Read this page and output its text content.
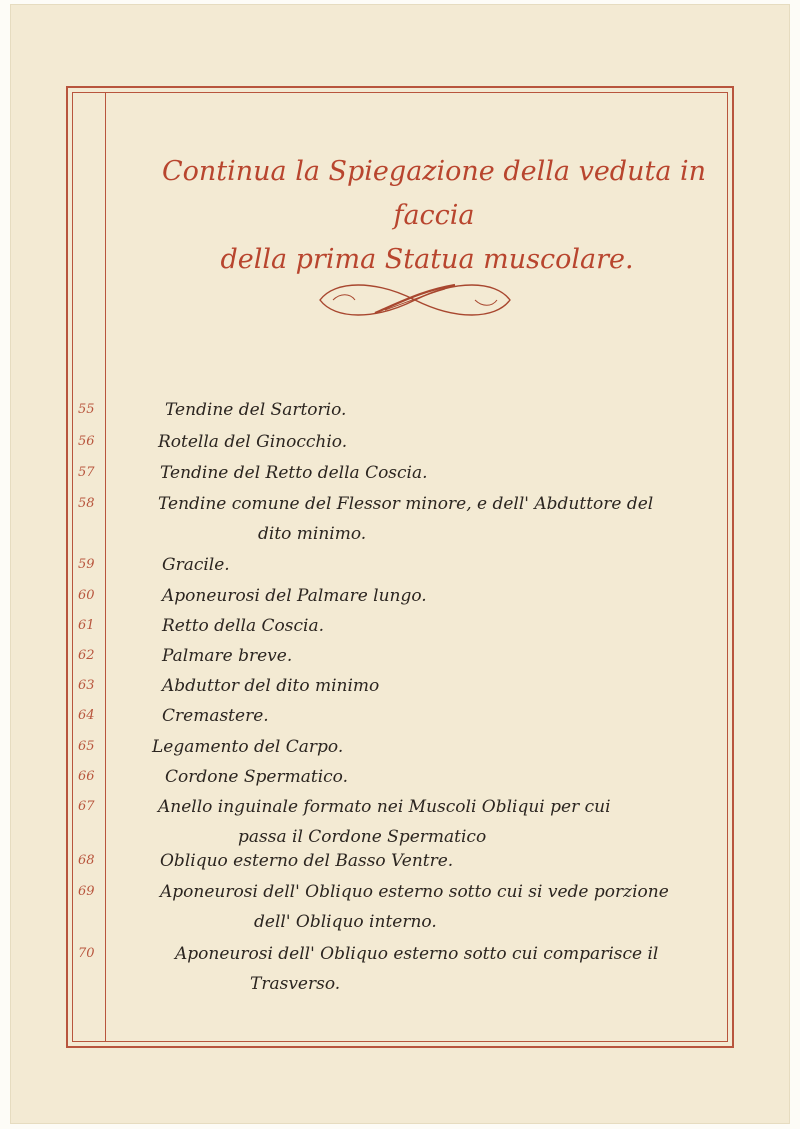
Continua la Spiegazione della veduta in faccia
della prima Statua muscolare.
55	Tendine del Sartorio.
56	Rotella del Ginocchio.
57	Tendine del Retto della Coscia.
58	Tendine comune del Flessor minore, e dell' Abduttore del
dito minimo.
59	Gracile.
60	Aponeurosi del Palmare lungo.
61	Retto della Coscia.
62	Palmare breve.
63	Abduttor del dito minimo
64	Cremastere.
65	Legamento del Carpo.
66	Cordone Spermatico.
67	Anello inguinale formato nei Muscoli Obliqui per cui
passa il Cordone Spermatico
68	Obliquo esterno del Basso Ventre.
69	Aponeurosi dell' Obliquo esterno sotto cui si vede porzione
dell' Obliquo interno.
70	Aponeurosi dell' Obliquo esterno sotto cui comparisce il
Trasverso.
